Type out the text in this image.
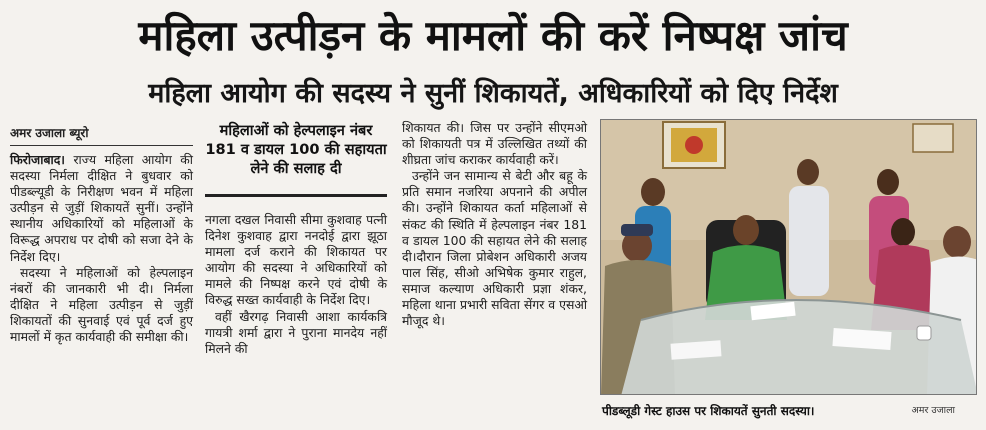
महिला उत्पीड़न के मामलों की करें निष्पक्ष जांच
महिला आयोग की सदस्य ने सुनीं शिकायतें, अधिकारियों को दिए निर्देश
अमर उजाला ब्यूरो

फिरोजाबाद। राज्य महिला आयोग की सदस्या निर्मला दीक्षित ने बुधवार को पीडब्ल्यूडी के निरीक्षण भवन में महिला उत्पीड़न से जुड़ीं शिकायतें सुनीं। उन्होंने स्थानीय अधिकारियों को महिलाओं के विरूद्ध अपराध पर दोषी को सजा देने के निर्देश दिए।

सदस्या ने महिलाओं को हेल्पलाइन नंबरों की जानकारी भी दी। निर्मला दीक्षित ने महिला उत्पीड़न से जुड़ीं शिकायतों की सुनवाई एवं पूर्व दर्ज हुए मामलों में कृत कार्यवाही की समीक्षा की।

महिलाओं को हेल्पलाइन नंबर 181 व डायल 100 की सहायता लेने की सलाह दी

नगला दखल निवासी सीमा कुशवाह पत्नी दिनेश कुशवाह द्वारा ननदोई द्वारा झूठा मामला दर्ज कराने की शिकायत पर आयोग की सदस्या ने अधिकारियों को मामले की निष्पक्ष करने एवं दोषी के विरुद्ध सख्त कार्यवाही के निर्देश दिए।

वहीं खैरगढ़ निवासी आशा कार्यकत्रि गायत्री शर्मा द्वारा ने पुराना मानदेय नहीं मिलने की

शिकायत की। जिस पर उन्होंने सीएमओ को शिकायती पत्र में उल्लिखित तथ्यों की शीघ्रता जांच कराकर कार्यवाही करें।

उन्होंने जन सामान्य से बेटी और बहू के प्रति समान नजरिया अपनाने की अपील की। उन्होंने शिकायत कर्ता महिलाओं से संकट की स्थिति में हेल्पलाइन नंबर 181 व डायल 100 की सहायत लेने की सलाह दी।दौरान जिला प्रोबेशन अधिकारी अजय पाल सिंह, सीओ अभिषेक कुमार राहुल, समाज कल्याण अधिकारी प्रज्ञा शंकर, महिला थाना प्रभारी सविता सेंगर व एसओ मौजूद थे।

पीडब्लूडी गेस्ट हाउस पर शिकायतें सुनती सदस्या।	अमर उजाला
